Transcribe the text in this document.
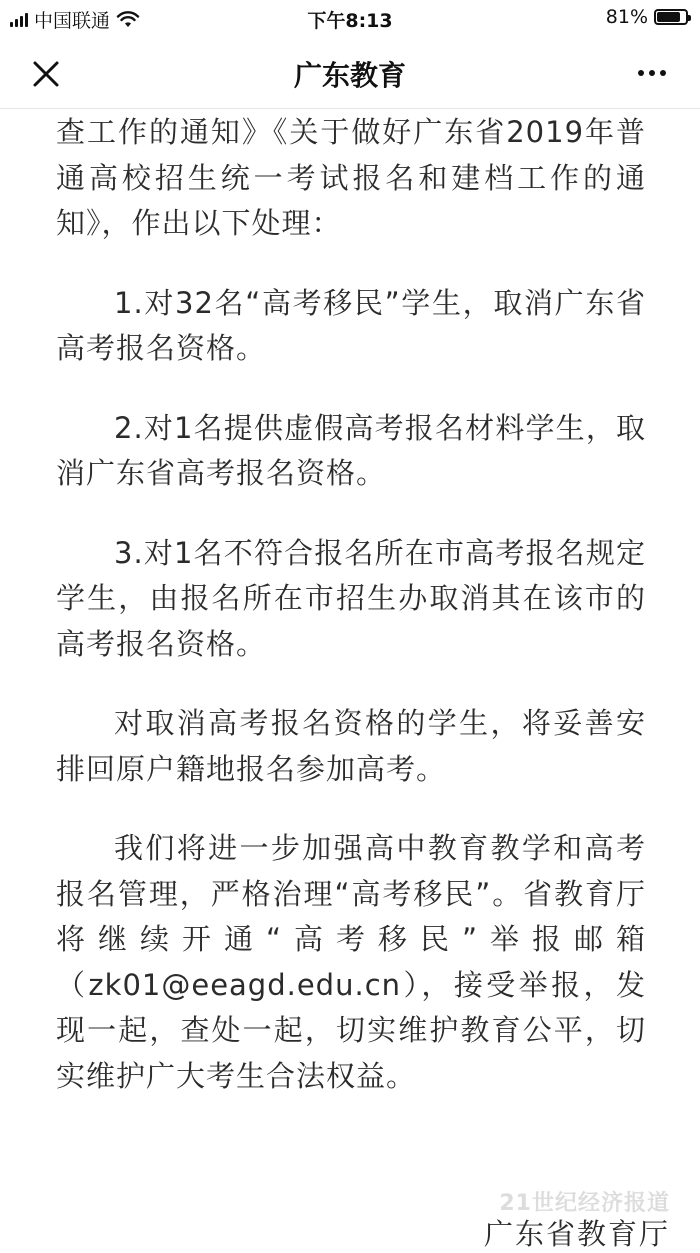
中国联通	下午8:13	81%
广东教育

查工作的通知》《关于做好广东省2019年普通高校招生统一考试报名和建档工作的通知》，作出以下处理：

1.对32名“高考移民”学生，取消广东省高考报名资格。

2.对1名提供虚假高考报名材料学生，取消广东省高考报名资格。

3.对1名不符合报名所在市高考报名规定学生，由报名所在市招生办取消其在该市的高考报名资格。

对取消高考报名资格的学生，将妥善安排回原户籍地报名参加高考。

我们将进一步加强高中教育教学和高考报名管理，严格治理“高考移民”。省教育厅将继续开通“高考移民”举报邮箱（zk01@eeagd.edu.cn），接受举报，发现一起，查处一起，切实维护教育公平，切实维护广大考生合法权益。

21世纪经济报道
广东省教育厅
